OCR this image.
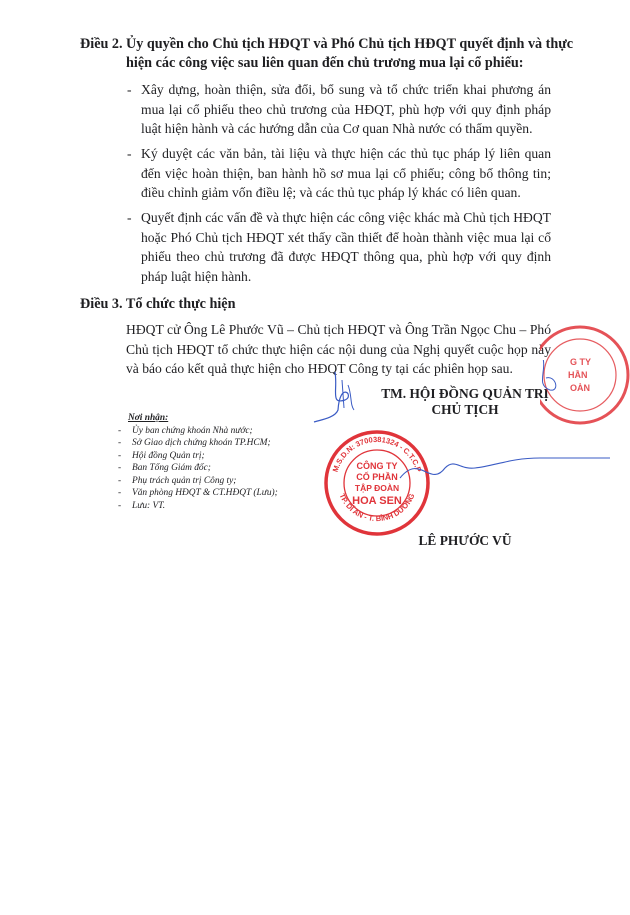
Điều 2. Ủy quyền cho Chủ tịch HĐQT và Phó Chủ tịch HĐQT quyết định và thực
hiện các công việc sau liên quan đến chủ trương mua lại cổ phiếu:
- Xây dựng, hoàn thiện, sửa đổi, bổ sung và tổ chức triển khai phương án mua lại cổ phiếu theo chủ trương của HĐQT, phù hợp với quy định pháp luật hiện hành và các hướng dẫn của Cơ quan Nhà nước có thẩm quyền.
- Ký duyệt các văn bản, tài liệu và thực hiện các thủ tục pháp lý liên quan đến việc hoàn thiện, ban hành hồ sơ mua lại cổ phiếu; công bố thông tin; điều chỉnh giảm vốn điều lệ; và các thủ tục pháp lý khác có liên quan.
- Quyết định các vấn đề và thực hiện các công việc khác mà Chủ tịch HĐQT hoặc Phó Chủ tịch HĐQT xét thấy cần thiết để hoàn thành việc mua lại cổ phiếu theo chủ trương đã được HĐQT thông qua, phù hợp với quy định pháp luật hiện hành.
Điều 3. Tổ chức thực hiện
HĐQT cử Ông Lê Phước Vũ – Chủ tịch HĐQT và Ông Trần Ngọc Chu – Phó Chủ tịch HĐQT tổ chức thực hiện các nội dung của Nghị quyết cuộc họp này và báo cáo kết quả thực hiện cho HĐQT Công ty tại các phiên họp sau.
Nơi nhận:
- Ủy ban chứng khoán Nhà nước;
- Sở Giao dịch chứng khoán TP.HCM;
- Hội đồng Quản trị;
- Ban Tổng Giám đốc;
- Phụ trách quản trị Công ty;
- Văn phòng HĐQT & CT.HĐQT (Lưu);
- Lưu: VT.
TM. HỘI ĐỒNG QUẢN TRỊ
CHỦ TỊCH
LÊ PHƯỚC VŨ
G TY
HẦN
OÀN
M.S.D.N: 3700381324 - C.T.C.P
TP. DĨ AN - T. BÌNH DƯƠNG
CÔNG TY
CỔ PHẦN
TẬP ĐOÀN
HOA SEN
